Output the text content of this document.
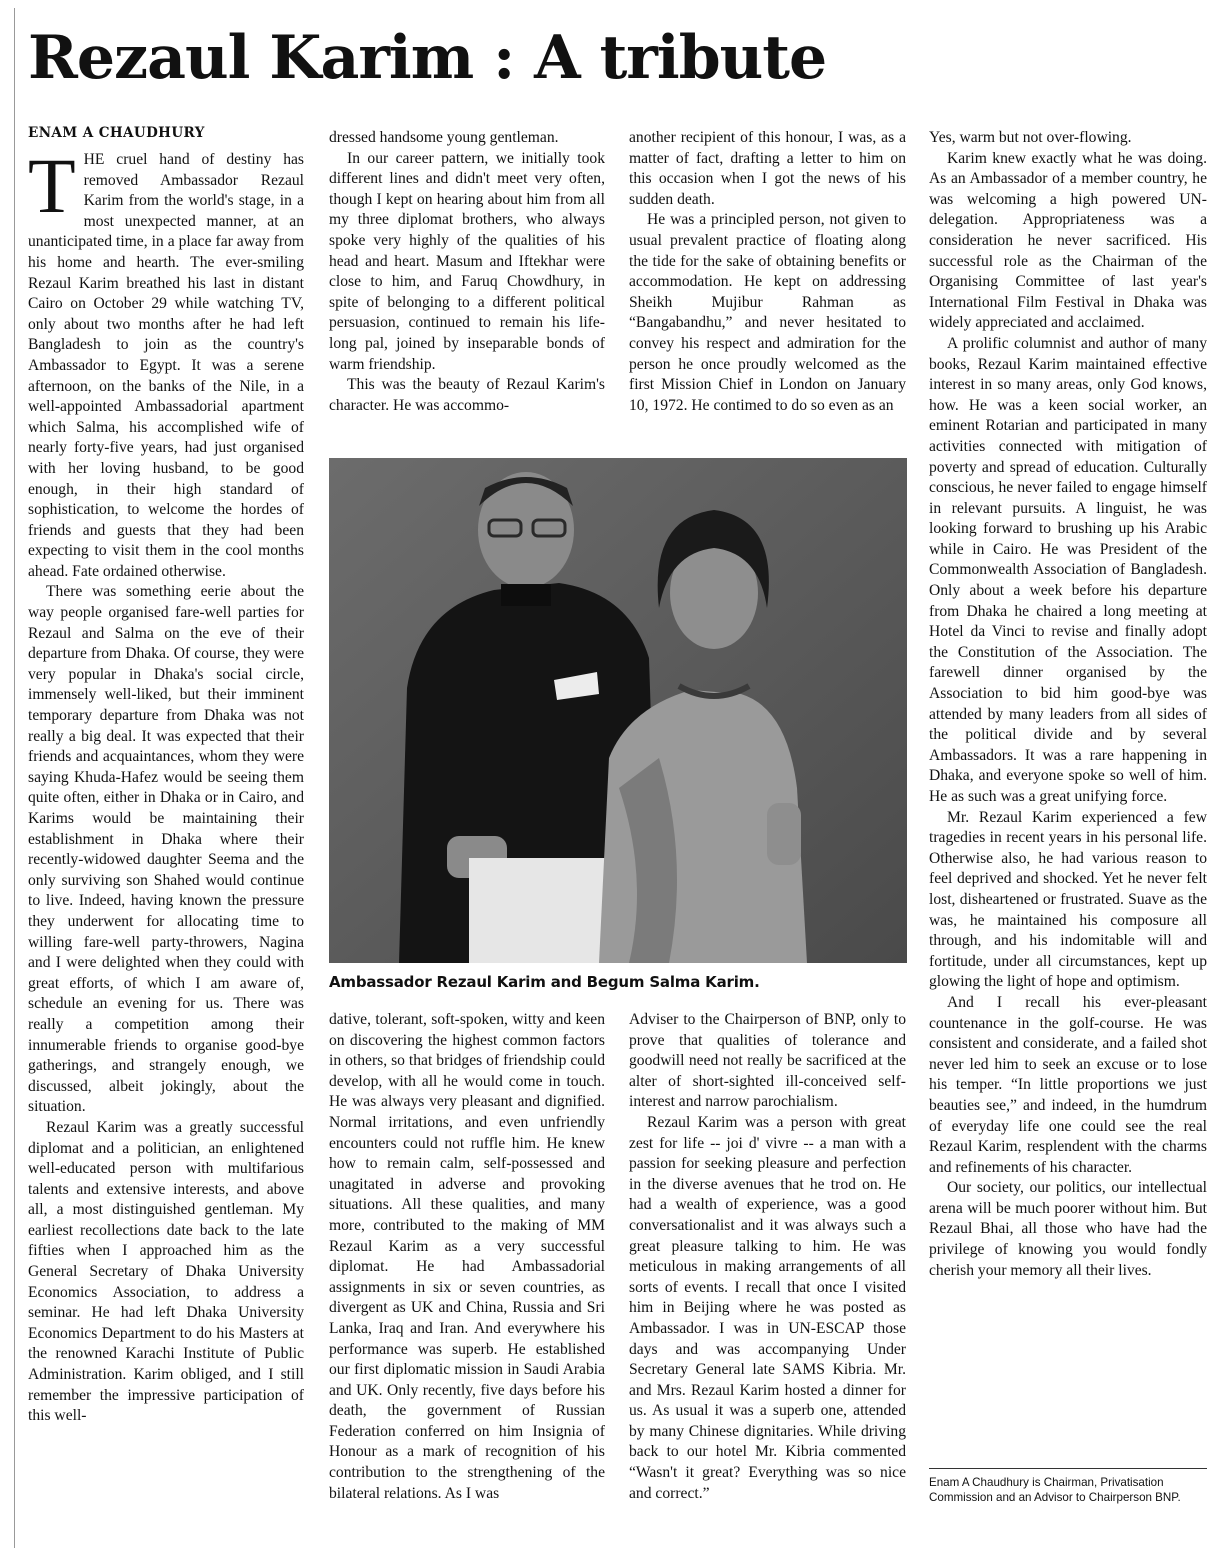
Rezaul Karim : A tribute
ENAM A CHAUDHURY

THE cruel hand of destiny has removed Ambassador Rezaul Karim from the world's stage, in a most unexpected manner, at an unanticipated time, in a place far away from his home and hearth. The ever-smiling Rezaul Karim breathed his last in distant Cairo on October 29 while watching TV, only about two months after he had left Bangladesh to join as the country's Ambassador to Egypt. It was a serene afternoon, on the banks of the Nile, in a well-appointed Ambassadorial apartment which Salma, his accomplished wife of nearly forty-five years, had just organised with her loving husband, to be good enough, in their high standard of sophistication, to welcome the hordes of friends and guests that they had been expecting to visit them in the cool months ahead. Fate ordained otherwise.

There was something eerie about the way people organised fare-well parties for Rezaul and Salma on the eve of their departure from Dhaka. Of course, they were very popular in Dhaka's social circle, immensely well-liked, but their imminent temporary departure from Dhaka was not really a big deal. It was expected that their friends and acquaintances, whom they were saying Khuda-Hafez would be seeing them quite often, either in Dhaka or in Cairo, and Karims would be maintaining their establishment in Dhaka where their recently-widowed daughter Seema and the only surviving son Shahed would continue to live. Indeed, having known the pressure they underwent for allocating time to willing fare-well party-throwers, Nagina and I were delighted when they could with great efforts, of which I am aware of, schedule an evening for us. There was really a competition among their innumerable friends to organise good-bye gatherings, and strangely enough, we discussed, albeit jokingly, about the situation.

Rezaul Karim was a greatly successful diplomat and a politician, an enlightened well-educated person with multifarious talents and extensive interests, and above all, a most distinguished gentleman. My earliest recollections date back to the late fifties when I approached him as the General Secretary of Dhaka University Economics Association, to address a seminar. He had left Dhaka University Economics Department to do his Masters at the renowned Karachi Institute of Public Administration. Karim obliged, and I still remember the impressive participation of this well-

dressed handsome young gentleman.

In our career pattern, we initially took different lines and didn't meet very often, though I kept on hearing about him from all my three diplomat brothers, who always spoke very highly of the qualities of his head and heart. Masum and Iftekhar were close to him, and Faruq Chowdhury, in spite of belonging to a different political persuasion, continued to remain his life-long pal, joined by inseparable bonds of warm friendship.

This was the beauty of Rezaul Karim's character. He was accommo-

another recipient of this honour, I was, as a matter of fact, drafting a letter to him on this occasion when I got the news of his sudden death.

He was a principled person, not given to usual prevalent practice of floating along the tide for the sake of obtaining benefits or accommodation. He kept on addressing Sheikh Mujibur Rahman as “Bangabandhu,” and never hesitated to convey his respect and admiration for the person he once proudly welcomed as the first Mission Chief in London on January 10, 1972. He contimed to do so even as an

Yes, warm but not over-flowing.

Karim knew exactly what he was doing. As an Ambassador of a member country, he was welcoming a high powered UN-delegation. Appropriateness was a consideration he never sacrificed. His successful role as the Chairman of the Organising Committee of last year's International Film Festival in Dhaka was widely appreciated and acclaimed.

A prolific columnist and author of many books, Rezaul Karim maintained effective interest in so many areas, only God knows, how. He was a keen social worker, an eminent Rotarian and participated in many activities connected with mitigation of poverty and spread of education. Culturally conscious, he never failed to engage himself in relevant pursuits. A linguist, he was looking forward to brushing up his Arabic while in Cairo. He was President of the Commonwealth Association of Bangladesh. Only about a week before his departure from Dhaka he chaired a long meeting at Hotel da Vinci to revise and finally adopt the Constitution of the Association. The farewell dinner organised by the Association to bid him good-bye was attended by many leaders from all sides of the political divide and by several Ambassadors. It was a rare happening in Dhaka, and everyone spoke so well of him. He as such was a great unifying force.

Mr. Rezaul Karim experienced a few tragedies in recent years in his personal life. Otherwise also, he had various reason to feel deprived and shocked. Yet he never felt lost, disheartened or frustrated. Suave as the was, he maintained his composure all through, and his indomitable will and fortitude, under all circumstances, kept up glowing the light of hope and optimism.

And I recall his ever-pleasant countenance in the golf-course. He was consistent and considerate, and a failed shot never led him to seek an excuse or to lose his temper. “In little proportions we just beauties see,” and indeed, in the humdrum of everyday life one could see the real Rezaul Karim, resplendent with the charms and refinements of his character.

Our society, our politics, our intellectual arena will be much poorer without him. But Rezaul Bhai, all those who have had the privilege of knowing you would fondly cherish your memory all their lives.

Ambassador Rezaul Karim and Begum Salma Karim.

dative, tolerant, soft-spoken, witty and keen on discovering the highest common factors in others, so that bridges of friendship could develop, with all he would come in touch. He was always very pleasant and dignified. Normal irritations, and even unfriendly encounters could not ruffle him. He knew how to remain calm, self-possessed and unagitated in adverse and provoking situations. All these qualities, and many more, contributed to the making of MM Rezaul Karim as a very successful diplomat. He had Ambassadorial assignments in six or seven countries, as divergent as UK and China, Russia and Sri Lanka, Iraq and Iran. And everywhere his performance was superb. He established our first diplomatic mission in Saudi Arabia and UK. Only recently, five days before his death, the government of Russian Federation conferred on him Insignia of Honour as a mark of recognition of his contribution to the strengthening of the bilateral relations. As I was

Adviser to the Chairperson of BNP, only to prove that qualities of tolerance and goodwill need not really be sacrificed at the alter of short-sighted ill-conceived self-interest and narrow parochialism.

Rezaul Karim was a person with great zest for life -- joi d' vivre -- a man with a passion for seeking pleasure and perfection in the diverse avenues that he trod on. He had a wealth of experience, was a good conversationalist and it was always such a great pleasure talking to him. He was meticulous in making arrangements of all sorts of events. I recall that once I visited him in Beijing where he was posted as Ambassador. I was in UN-ESCAP those days and was accompanying Under Secretary General late SAMS Kibria. Mr. and Mrs. Rezaul Karim hosted a dinner for us. As usual it was a superb one, attended by many Chinese dignitaries. While driving back to our hotel Mr. Kibria commented “Wasn't it great? Everything was so nice and correct.”

Enam A Chaudhury is Chairman, Privatisation Commission and an Advisor to Chairperson BNP.
